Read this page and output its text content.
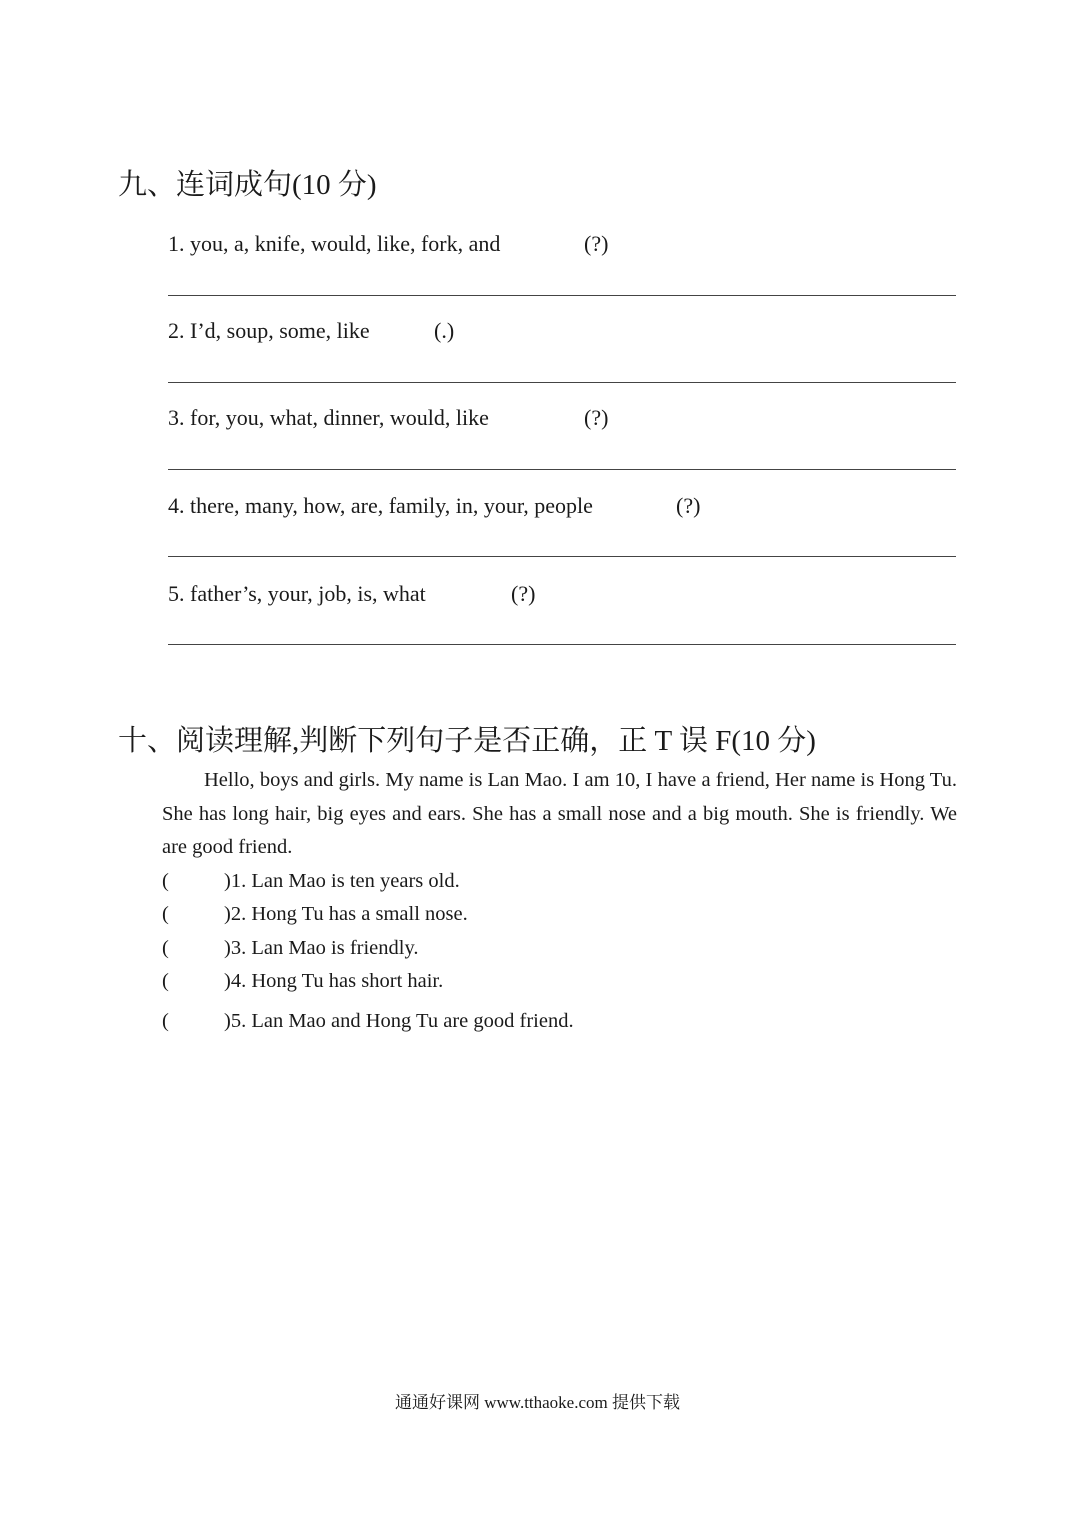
九、连词成句(10 分)
1. you, a, knife, would, like, fork, and	(?)
2. I’d, soup, some, like	(.)
3. for, you, what, dinner, would, like	(?)
4. there, many, how, are, family, in, your, people	(?)
5. father’s, your, job, is, what	(?)
十、阅读理解,判断下列句子是否正确，正 T 误 F(10 分)
Hello, boys and girls. My name is Lan Mao. I am 10, I have a friend, Her name is Hong Tu. She has long hair, big eyes and ears. She has a small nose and a big mouth. She is friendly. We are good friend.
(	)1. Lan Mao is ten years old.
(	)2. Hong Tu has a small nose.
(	)3. Lan Mao is friendly.
(	)4. Hong Tu has short hair.
(	)5. Lan Mao and Hong Tu are good friend.
通通好课网 www.tthaoke.com 提供下载
